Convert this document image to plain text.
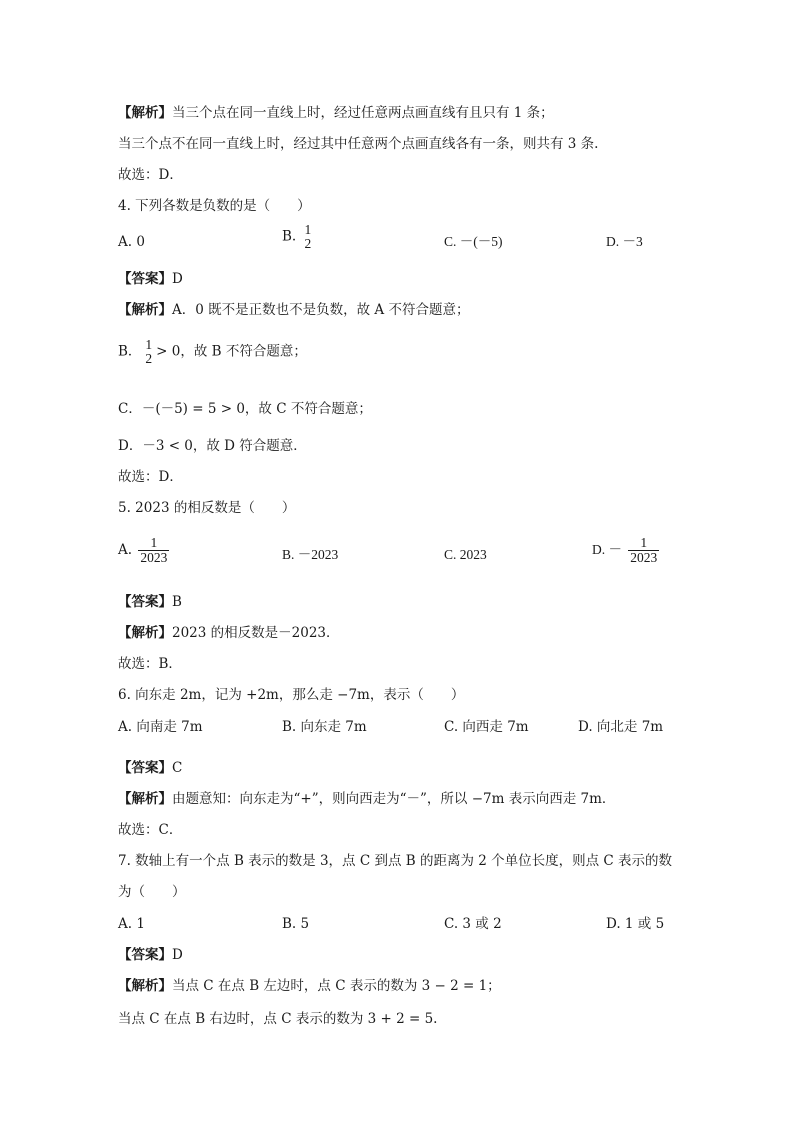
【解析】当三个点在同一直线上时，经过任意两点画直线有且只有 1 条；
当三个点不在同一直线上时，经过其中任意两个点画直线各有一条，则共有 3 条.
故选：D．
4. 下列各数是负数的是（　　）
A. 0	B. 1
2	C. －(－5)	D. －3
【答案】D
【解析】A．0 既不是正数也不是负数，故 A 不符合题意；
B． 1
2 > 0，故 B 不符合题意；
C．－(－5) = 5 > 0，故 C 不符合题意；
D．－3 < 0，故 D 符合题意．
故选：D．
5. 2023 的相反数是（　　）
A. $\frac{1}{2023}$	B. －2023	C. 2023	D. － $\frac{1}{2023}$
【答案】B
【解析】2023 的相反数是－2023．
故选：B．
6. 向东走 2m，记为 +2m，那么走 −7m，表示（　　）
A. 向南走 7m	B. 向东走 7m	C. 向西走 7m	D. 向北走 7m
【答案】C
【解析】由题意知：向东走为“+”，则向西走为“－”，所以 −7m 表示向西走 7m．
故选：C．
7. 数轴上有一个点 B 表示的数是 3，点 C 到点 B 的距离为 2 个单位长度，则点 C 表示的数
为（　　）
A. 1	B. 5	C. 3 或 2	D. 1 或 5
【答案】D
【解析】当点 C 在点 B 左边时，点 C 表示的数为 3 − 2 = 1；
当点 C 在点 B 右边时，点 C 表示的数为 3 + 2 = 5.
